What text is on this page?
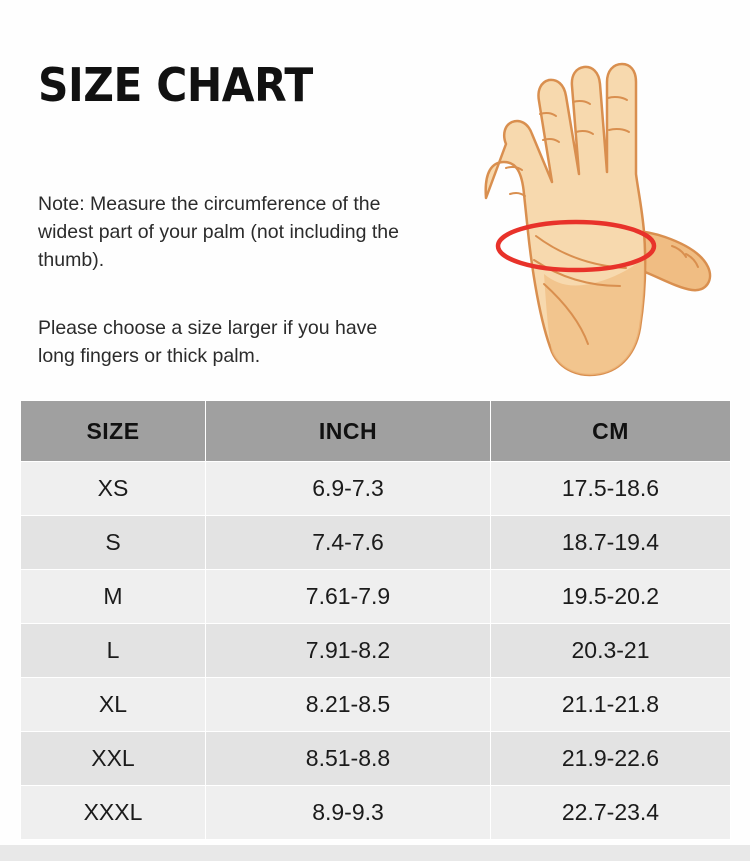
SIZE CHART

Note: Measure the circumference of the widest part of your palm (not including the thumb).

Please choose a size larger if you have long fingers or thick palm.

SIZE	INCH	CM
XS	6.9-7.3	17.5-18.6
S	7.4-7.6	18.7-19.4
M	7.61-7.9	19.5-20.2
L	7.91-8.2	20.3-21
XL	8.21-8.5	21.1-21.8
XXL	8.51-8.8	21.9-22.6
XXXL	8.9-9.3	22.7-23.4
